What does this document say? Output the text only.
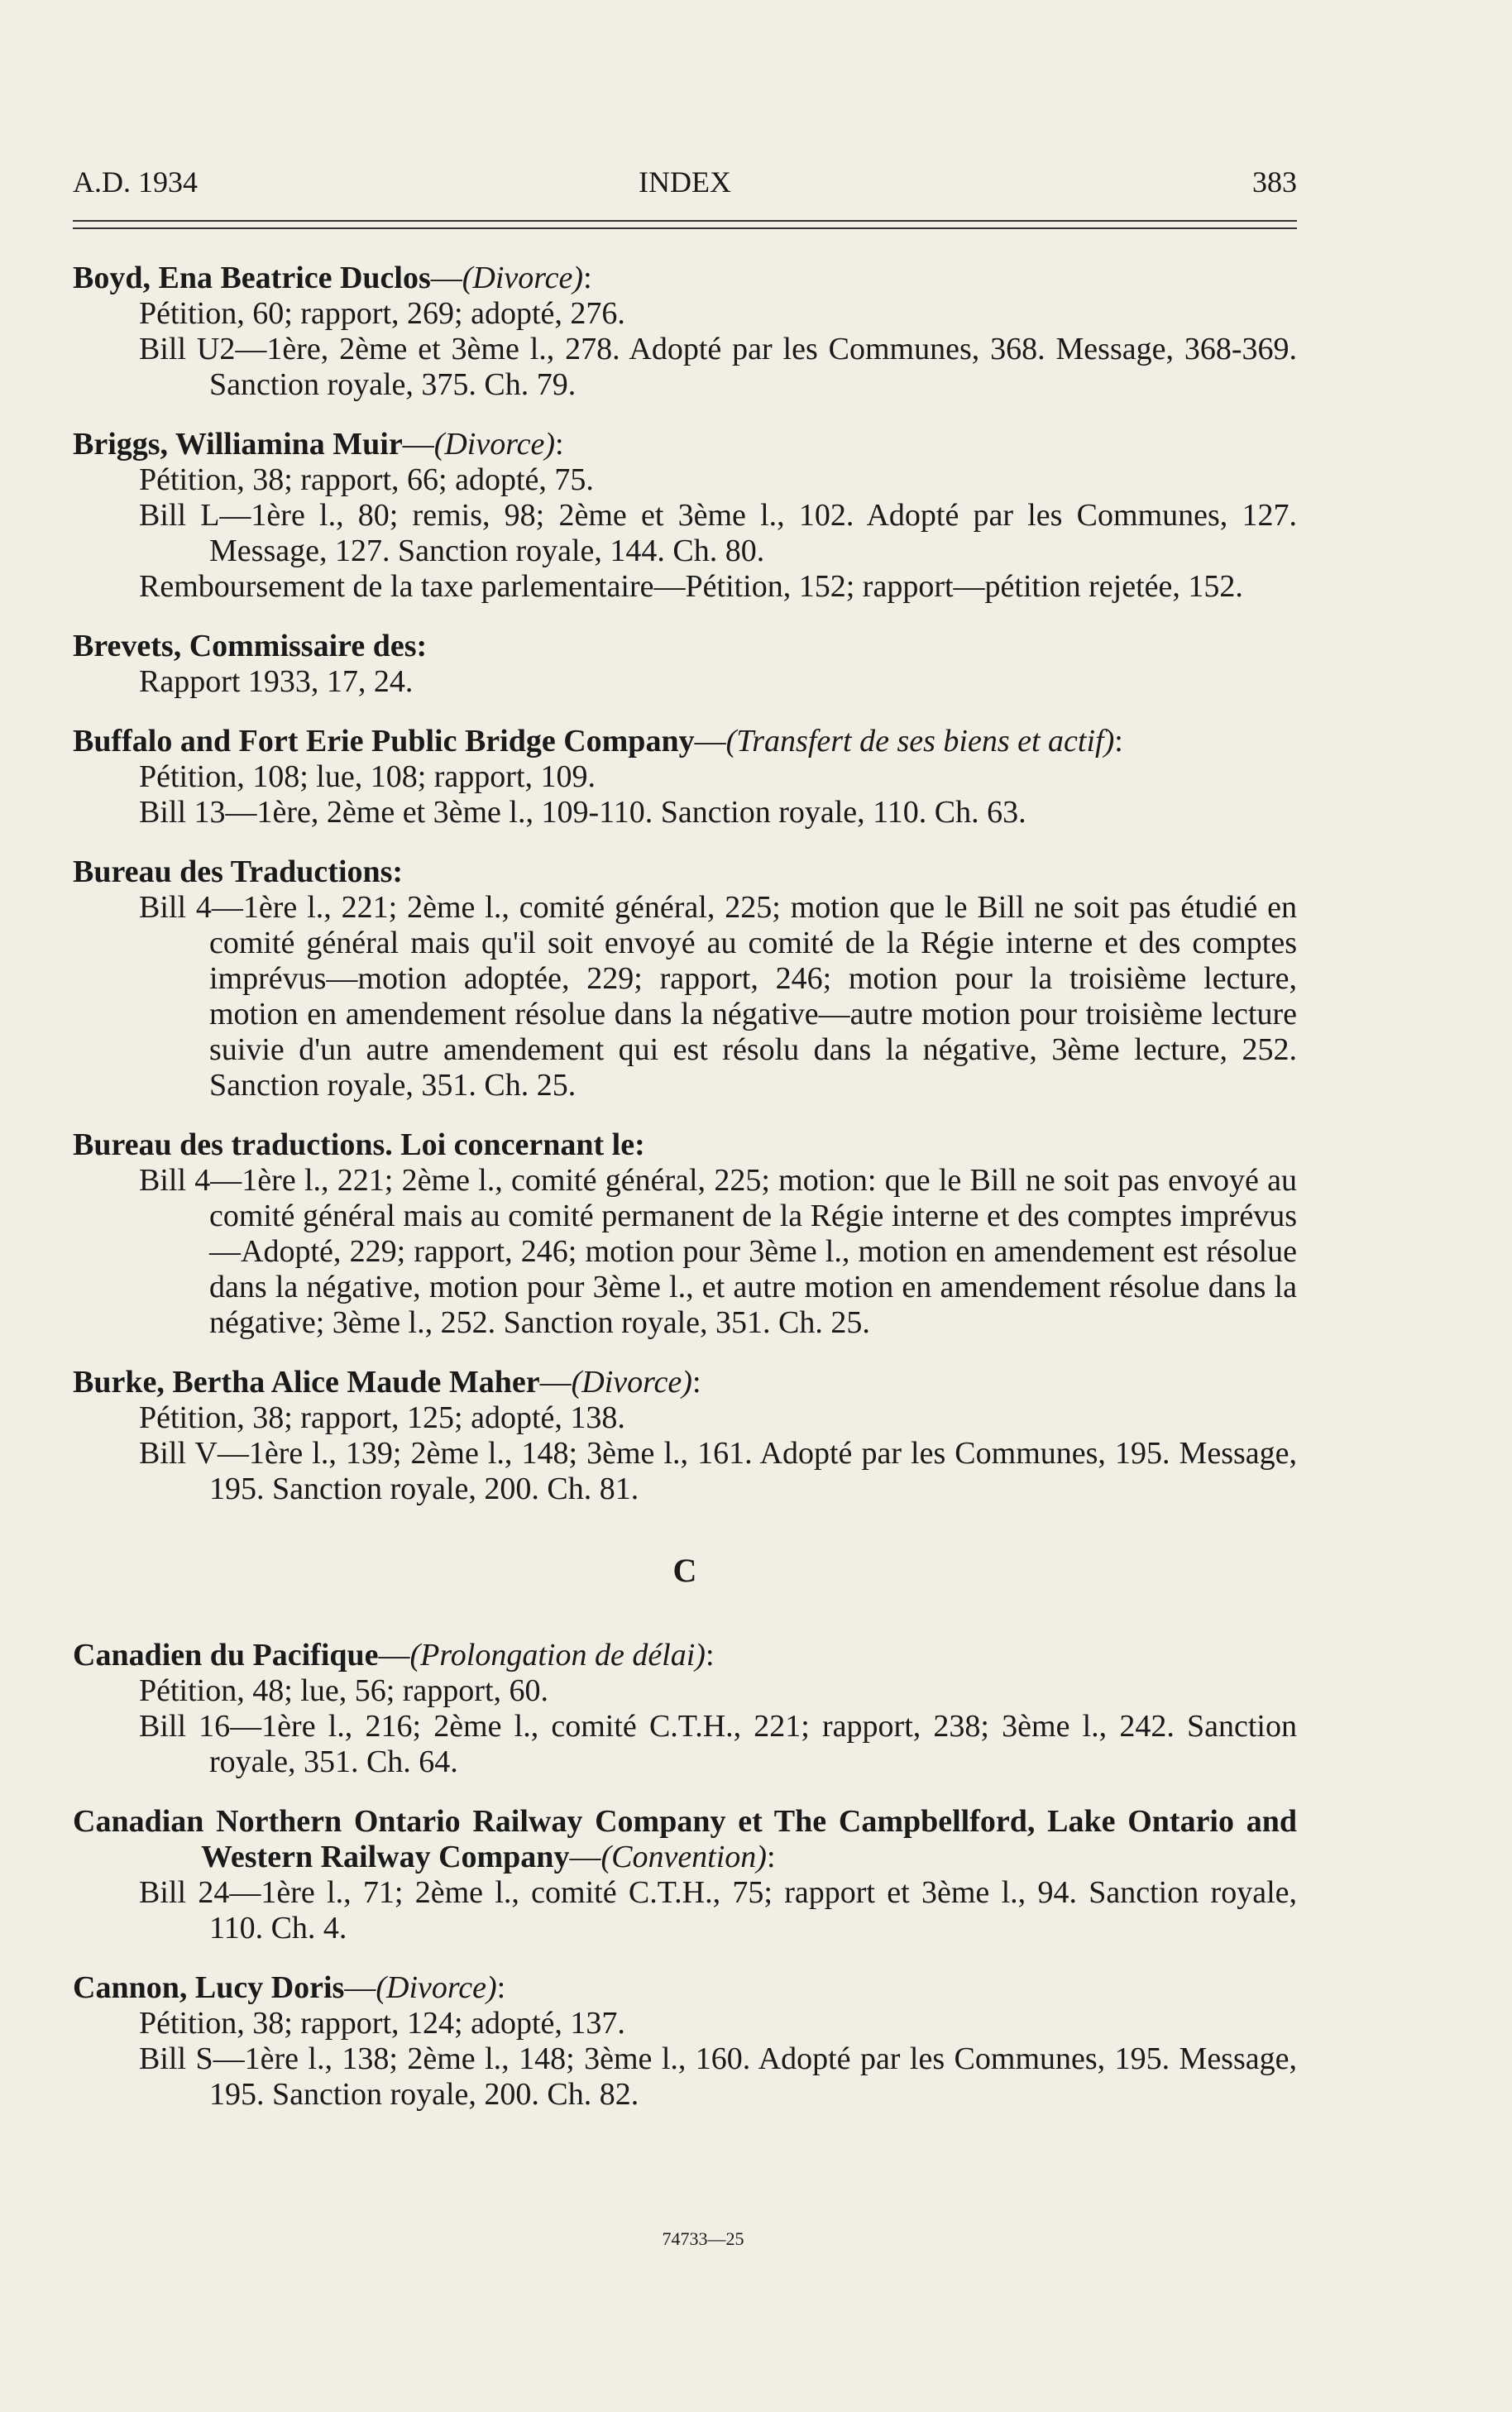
A.D. 1934	INDEX	383
Boyd, Ena Beatrice Duclos—(Divorce):
Pétition, 60; rapport, 269; adopté, 276.
Bill U2—1ère, 2ème et 3ème l., 278. Adopté par les Communes, 368. Message, 368-369. Sanction royale, 375. Ch. 79.
Briggs, Williamina Muir—(Divorce):
Pétition, 38; rapport, 66; adopté, 75.
Bill L—1ère l., 80; remis, 98; 2ème et 3ème l., 102. Adopté par les Communes, 127. Message, 127. Sanction royale, 144. Ch. 80.
Remboursement de la taxe parlementaire—Pétition, 152; rapport—pétition rejetée, 152.
Brevets, Commissaire des:
Rapport 1933, 17, 24.
Buffalo and Fort Erie Public Bridge Company—(Transfert de ses biens et actif):
Pétition, 108; lue, 108; rapport, 109.
Bill 13—1ère, 2ème et 3ème l., 109-110. Sanction royale, 110. Ch. 63.
Bureau des Traductions:
Bill 4—1ère l., 221; 2ème l., comité général, 225; motion que le Bill ne soit pas étudié en comité général mais qu'il soit envoyé au comité de la Régie interne et des comptes imprévus—motion adoptée, 229; rapport, 246; motion pour la troisième lecture, motion en amendement résolue dans la négative—autre motion pour troisième lecture suivie d'un autre amendement qui est résolu dans la négative, 3ème lecture, 252. Sanction royale, 351. Ch. 25.
Bureau des traductions. Loi concernant le:
Bill 4—1ère l., 221; 2ème l., comité général, 225; motion: que le Bill ne soit pas envoyé au comité général mais au comité permanent de la Régie interne et des comptes imprévus—Adopté, 229; rapport, 246; motion pour 3ème l., motion en amendement est résolue dans la négative, motion pour 3ème l., et autre motion en amendement résolue dans la négative; 3ème l., 252. Sanction royale, 351. Ch. 25.
Burke, Bertha Alice Maude Maher—(Divorce):
Pétition, 38; rapport, 125; adopté, 138.
Bill V—1ère l., 139; 2ème l., 148; 3ème l., 161. Adopté par les Communes, 195. Message, 195. Sanction royale, 200. Ch. 81.
C
Canadien du Pacifique—(Prolongation de délai):
Pétition, 48; lue, 56; rapport, 60.
Bill 16—1ère l., 216; 2ème l., comité C.T.H., 221; rapport, 238; 3ème l., 242. Sanction royale, 351. Ch. 64.
Canadian Northern Ontario Railway Company et The Campbellford, Lake Ontario and Western Railway Company—(Convention):
Bill 24—1ère l., 71; 2ème l., comité C.T.H., 75; rapport et 3ème l., 94. Sanction royale, 110. Ch. 4.
Cannon, Lucy Doris—(Divorce):
Pétition, 38; rapport, 124; adopté, 137.
Bill S—1ère l., 138; 2ème l., 148; 3ème l., 160. Adopté par les Communes, 195. Message, 195. Sanction royale, 200. Ch. 82.
74733—25
